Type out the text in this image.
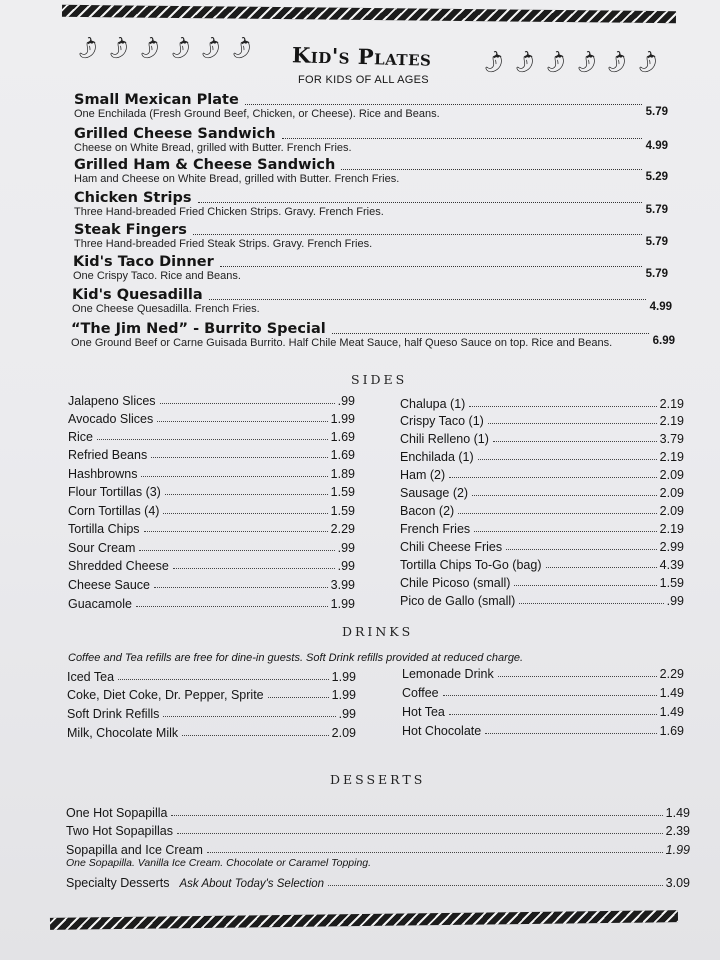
🌶 🌶 🌶 🌶 🌶 🌶 Kid's Plates	🌶 🌶 🌶 🌶 🌶 🌶
FOR KIDS OF ALL AGES
Small Mexican Plate
5.79
One Enchilada (Fresh Ground Beef, Chicken, or Cheese). Rice and Beans.
Grilled Cheese Sandwich
4.99
Cheese on White Bread, grilled with Butter. French Fries.
Grilled Ham & Cheese Sandwich
5.29
Ham and Cheese on White Bread, grilled with Butter. French Fries.
Chicken Strips
5.79
Three Hand-breaded Fried Chicken Strips. Gravy. French Fries.
Steak Fingers
5.79
Three Hand-breaded Fried Steak Strips. Gravy. French Fries.
Kid's Taco Dinner
5.79
One Crispy Taco. Rice and Beans.
Kid's Quesadilla
4.99
One Cheese Quesadilla. French Fries.
“The Jim Ned” - Burrito Special
6.99
One Ground Beef or Carne Guisada Burrito. Half Chile Meat Sauce, half Queso Sauce on top. Rice and Beans.
SIDES
Jalapeno Slices	.99
Avocado Slices	1.99
Rice	1.69
Refried Beans	1.69
Hashbrowns	1.89
Flour Tortillas (3)	1.59
Corn Tortillas (4)	1.59
Tortilla Chips	2.29
Sour Cream	.99
Shredded Cheese	.99
Cheese Sauce	3.99
Guacamole	1.99
Chalupa (1)	2.19
Crispy Taco (1)	2.19
Chili Relleno (1)	3.79
Enchilada (1)	2.19
Ham (2)	2.09
Sausage (2)	2.09
Bacon (2)	2.09
French Fries	2.19
Chili Cheese Fries	2.99
Tortilla Chips To-Go (bag)	4.39
Chile Picoso (small)	1.59
Pico de Gallo (small)	.99
DRINKS
Coffee and Tea refills are free for dine-in guests. Soft Drink refills provided at reduced charge.
Iced Tea	1.99
Coke, Diet Coke, Dr. Pepper, Sprite	1.99
Soft Drink Refills	.99
Milk, Chocolate Milk	2.09
Lemonade Drink	2.29
Coffee	1.49
Hot Tea	1.49
Hot Chocolate	1.69
DESSERTS
One Hot Sopapilla	1.49
Two Hot Sopapillas	2.39
Sopapilla and Ice Cream	1.99
One Sopapilla. Vanilla Ice Cream. Chocolate or Caramel Topping.
Specialty Desserts Ask About Today's Selection	3.09
